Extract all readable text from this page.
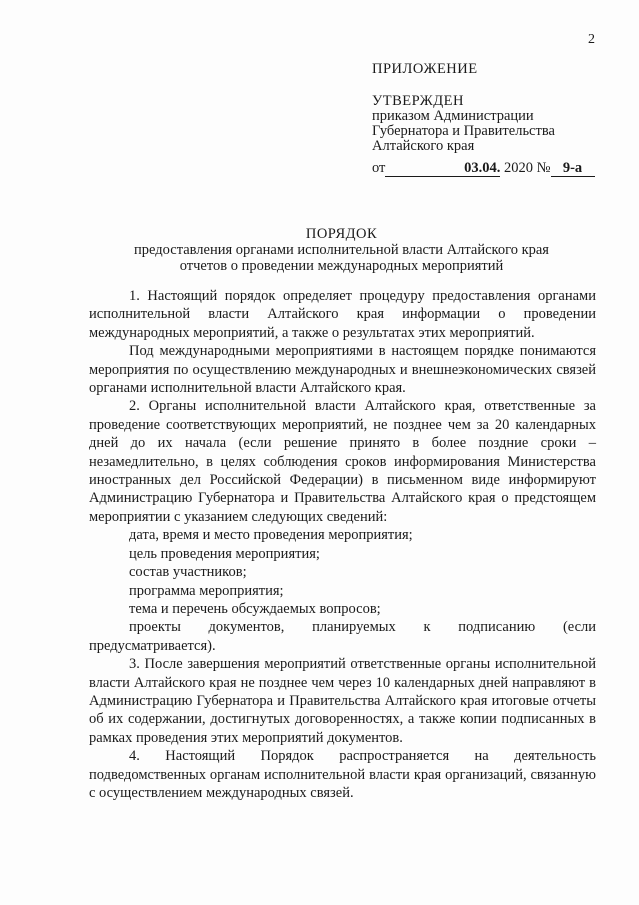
2
ПРИЛОЖЕНИЕ
УТВЕРЖДЕН
приказом Администрации
Губернатора и Правительства
Алтайского края
от	03.04. 2020 № 9-а
ПОРЯДОК
предоставления органами исполнительной власти Алтайского края
отчетов о проведении международных мероприятий

1. Настоящий порядок определяет процедуру предоставления органами исполнительной власти Алтайского края информации о проведении международных мероприятий, а также о результатах этих мероприятий.

Под международными мероприятиями в настоящем порядке понимаются мероприятия по осуществлению международных и внешнеэкономических связей органами исполнительной власти Алтайского края.

2. Органы исполнительной власти Алтайского края, ответственные за проведение соответствующих мероприятий, не позднее чем за 20 календарных дней до их начала (если решение принято в более поздние сроки – незамедлительно, в целях соблюдения сроков информирования Министерства иностранных дел Российской Федерации) в письменном виде информируют Администрацию Губернатора и Правительства Алтайского края о предстоящем мероприятии с указанием следующих сведений:

дата, время и место проведения мероприятия;

цель проведения мероприятия;

состав участников;

программа мероприятия;

тема и перечень обсуждаемых вопросов;

проекты документов, планируемых к подписанию (если предусматривается).

3. После завершения мероприятий ответственные органы исполнительной власти Алтайского края не позднее чем через 10 календарных дней направляют в Администрацию Губернатора и Правительства Алтайского края итоговые отчеты об их содержании, достигнутых договоренностях, а также копии подписанных в рамках проведения этих мероприятий документов.

4. Настоящий Порядок распространяется на деятельность подведомственных органам исполнительной власти края организаций, связанную с осуществлением международных связей.
